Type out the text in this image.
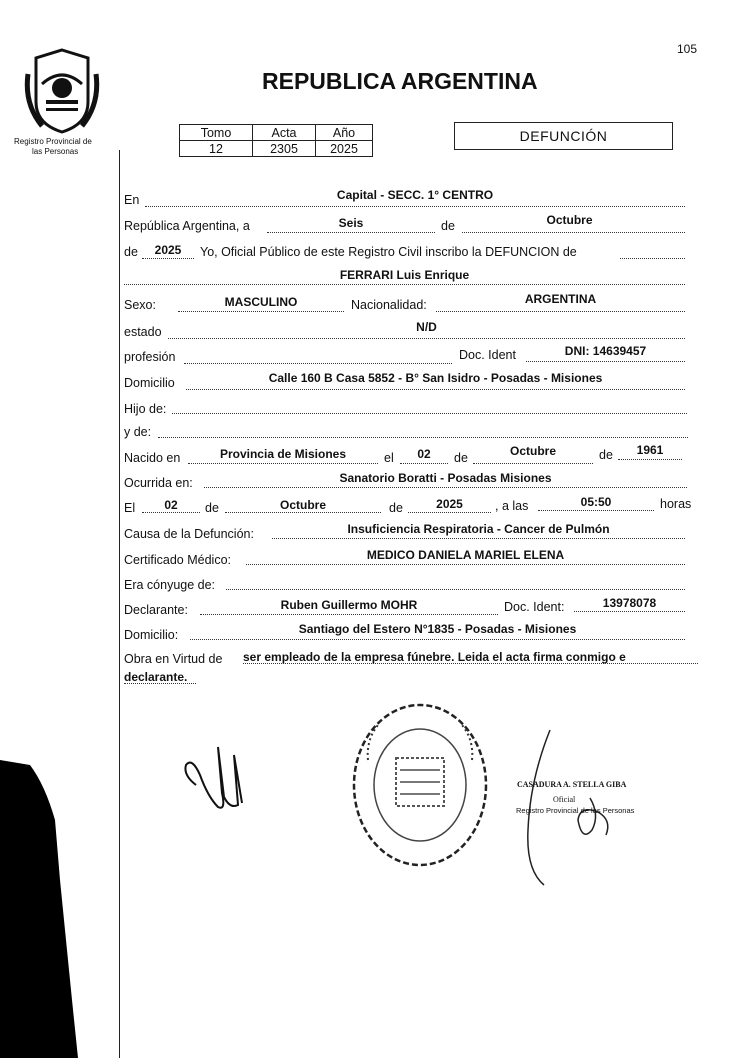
105
Registro Provincial de
las Personas
REPUBLICA ARGENTINA
Tomo	Acta	Año
12	2305	2025
DEFUNCIÓN
En	Capital - SECC. 1° CENTRO
República Argentina, a	Seis	de	Octubre
de	2025	Yo, Oficial Público de este Registro Civil inscribo la DEFUNCION de
FERRARI Luis Enrique
Sexo:	MASCULINO	Nacionalidad:	ARGENTINA
estado	N/D
profesión	Doc. Ident	DNI: 14639457
Domicilio	Calle 160 B Casa 5852 - B° San Isidro - Posadas - Misiones
Hijo de:
y de:
Nacido en	Provincia de Misiones	el	02	de	Octubre	de	1961
Ocurrida en:	Sanatorio Boratti - Posadas Misiones
El	02	de	Octubre	de	2025	, a las	05:50	horas
Causa de la Defunción:	Insuficiencia Respiratoria - Cancer de Pulmón
Certificado Médico:	MEDICO DANIELA MARIEL ELENA
Era cónyuge de:
Declarante:	Ruben Guillermo MOHR	Doc. Ident:	13978078
Domicilio:	Santiago del Estero N°1835 - Posadas - Misiones
Obra en Virtud de ser empleado de la empresa fúnebre. Leida el acta firma conmigo e
declarante.
CASADURA A. STELLA GIBA
Oficial
Registro Provincial de las Personas
